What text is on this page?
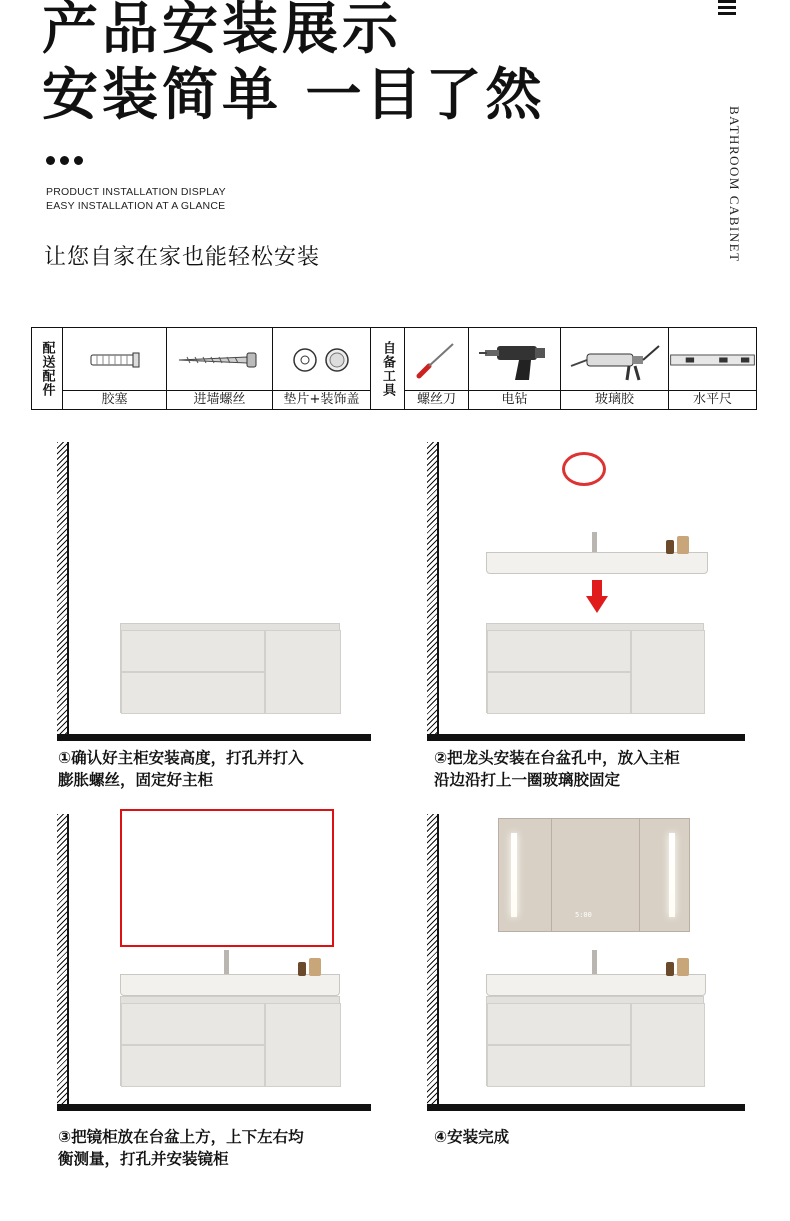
产品安装展示
安装简单 一目了然
PRODUCT INSTALLATION DISPLAY
EASY INSTALLATION AT A GLANCE
让您自家在家也能轻松安装	BATHROOM CABINET
配送配件
胶塞	进墙螺丝	垫片+装饰盖
自备工具
螺丝刀	电钻	玻璃胶	水平尺
①确认好主柜安装高度，打孔并打入
膨胀螺丝，固定好主柜
②把龙头安装在台盆孔中，放入主柜
沿边沿打上一圈玻璃胶固定
③把镜柜放在台盆上方，上下左右均
衡测量，打孔并安装镜柜
5:00
④安装完成
